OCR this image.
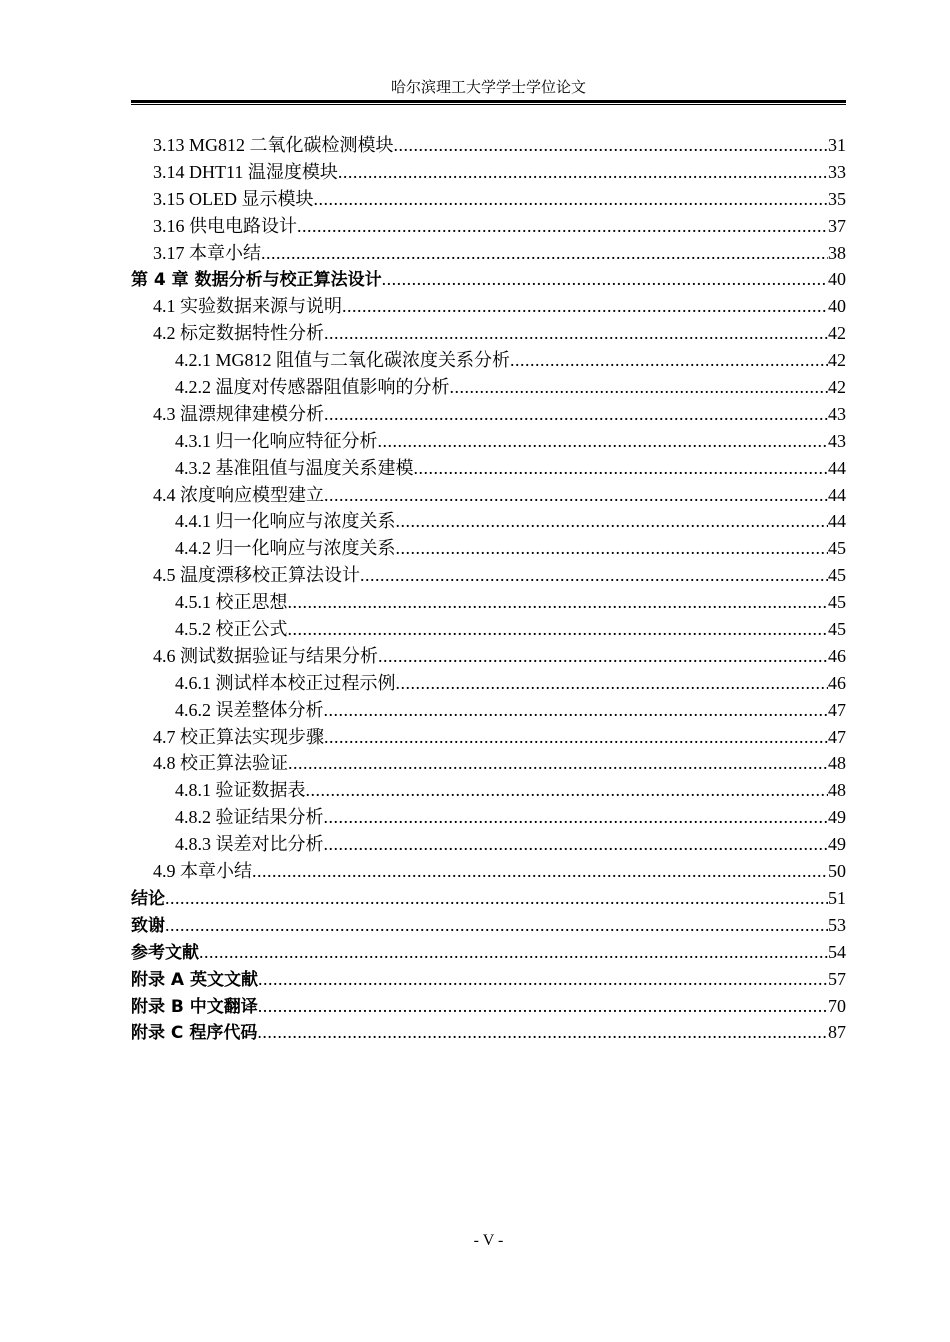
哈尔滨理工大学学士学位论文
3.13 MG812 二氧化碳检测模块 .....	31
3.14 DHT11 温湿度模块 .....	33
3.15 OLED 显示模块 .....	35
3.16 供电电路设计 .....	37
3.17 本章小结 .....	38
第 4 章 数据分析与校正算法设计 .....	40
4.1 实验数据来源与说明 .....	40
4.2 标定数据特性分析 .....	42
4.2.1 MG812 阻值与二氧化碳浓度关系分析 .....	42
4.2.2 温度对传感器阻值影响的分析 .....	42
4.3 温漂规律建模分析 .....	43
4.3.1 归一化响应特征分析 .....	43
4.3.2 基准阻值与温度关系建模 .....	44
4.4 浓度响应模型建立 .....	44
4.4.1 归一化响应与浓度关系 .....	44
4.4.2 归一化响应与浓度关系 .....	45
4.5 温度漂移校正算法设计 .....	45
4.5.1 校正思想 .....	45
4.5.2 校正公式 .....	45
4.6 测试数据验证与结果分析 .....	46
4.6.1 测试样本校正过程示例 .....	46
4.6.2 误差整体分析 .....	47
4.7 校正算法实现步骤 .....	47
4.8 校正算法验证 .....	48
4.8.1 验证数据表 .....	48
4.8.2 验证结果分析 .....	49
4.8.3 误差对比分析 .....	49
4.9 本章小结 .....	50
结论 .....	51
致谢 .....	53
参考文献 .....	54
附录 A 英文文献 .....	57
附录 B 中文翻译 .....	70
附录 C 程序代码 .....	87
- V -
